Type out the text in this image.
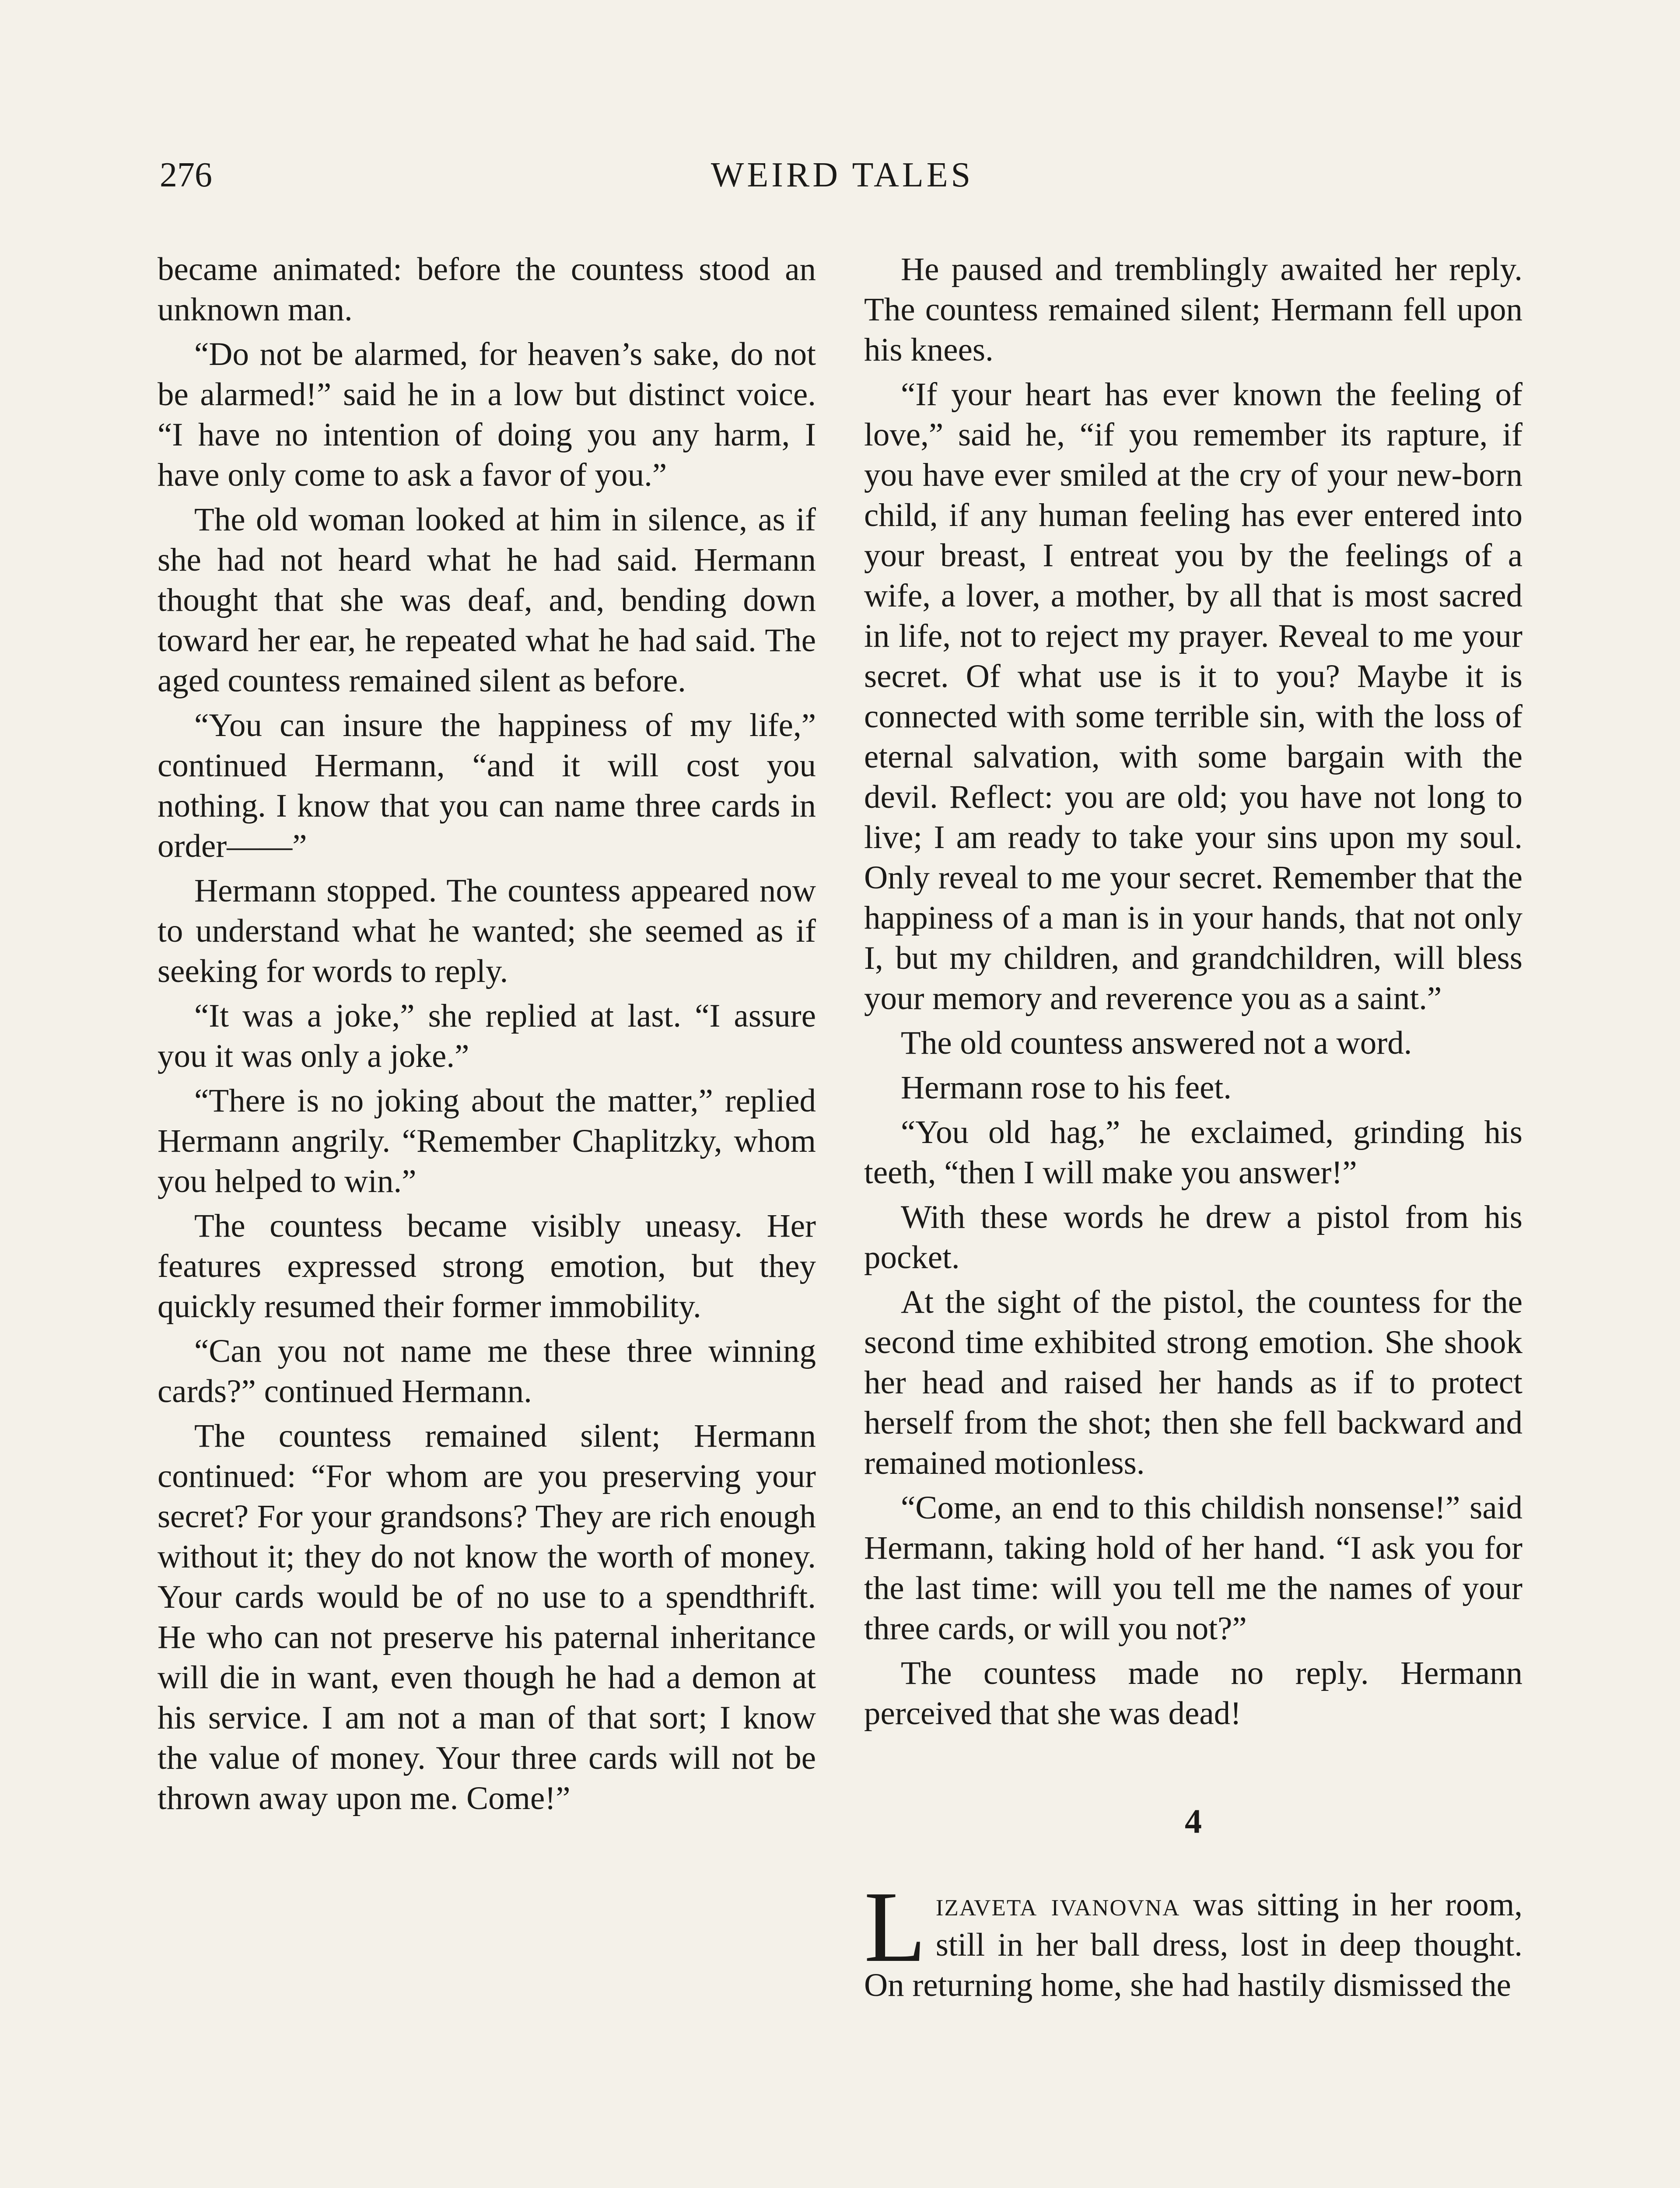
276	WEIRD TALES

became animated: before the countess stood an unknown man.

“Do not be alarmed, for heaven’s sake, do not be alarmed!” said he in a low but distinct voice. “I have no intention of doing you any harm, I have only come to ask a favor of you.”

The old woman looked at him in silence, as if she had not heard what he had said. Hermann thought that she was deaf, and, bending down toward her ear, he repeated what he had said. The aged countess remained silent as before.

“You can insure the happiness of my life,” continued Hermann, “and it will cost you nothing. I know that you can name three cards in order——”

Hermann stopped. The countess appeared now to understand what he wanted; she seemed as if seeking for words to reply.

“It was a joke,” she replied at last. “I assure you it was only a joke.”

“There is no joking about the matter,” replied Hermann angrily. “Remember Chaplitzky, whom you helped to win.”

The countess became visibly uneasy. Her features expressed strong emotion, but they quickly resumed their former immobility.

“Can you not name me these three winning cards?” continued Hermann.

The countess remained silent; Hermann continued: “For whom are you preserving your secret? For your grandsons? They are rich enough without it; they do not know the worth of money. Your cards would be of no use to a spendthrift. He who can not preserve his paternal inheritance will die in want, even though he had a demon at his service. I am not a man of that sort; I know the value of money. Your three cards will not be thrown away upon me. Come!”

He paused and tremblingly awaited her reply. The countess remained silent; Hermann fell upon his knees.

“If your heart has ever known the feeling of love,” said he, “if you remember its rapture, if you have ever smiled at the cry of your new-born child, if any human feeling has ever entered into your breast, I entreat you by the feelings of a wife, a lover, a mother, by all that is most sacred in life, not to reject my prayer. Reveal to me your secret. Of what use is it to you? Maybe it is connected with some terrible sin, with the loss of eternal salvation, with some bargain with the devil. Reflect: you are old; you have not long to live; I am ready to take your sins upon my soul. Only reveal to me your secret. Remember that the happiness of a man is in your hands, that not only I, but my children, and grandchildren, will bless your memory and reverence you as a saint.”

The old countess answered not a word.

Hermann rose to his feet.

“You old hag,” he exclaimed, grinding his teeth, “then I will make you answer!”

With these words he drew a pistol from his pocket.

At the sight of the pistol, the countess for the second time exhibited strong emotion. She shook her head and raised her hands as if to protect herself from the shot; then she fell backward and remained motionless.

“Come, an end to this childish nonsense!” said Hermann, taking hold of her hand. “I ask you for the last time: will you tell me the names of your three cards, or will you not?”

The countess made no reply. Hermann perceived that she was dead!

4

Lizaveta ivanovna was sitting in her room, still in her ball dress, lost in deep thought. On returning home, she had hastily dismissed the
